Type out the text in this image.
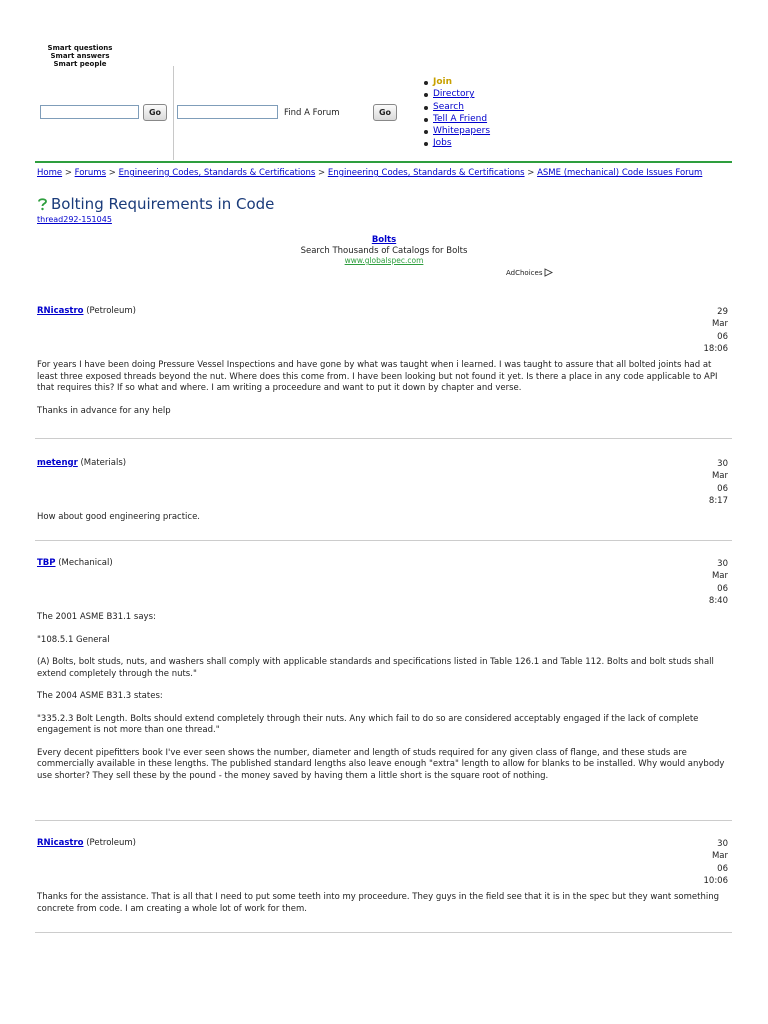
Smart questions
Smart answers
Smart people
Go	Find A Forum	Go
Join
Directory
Search
Tell A Friend
Whitepapers
Jobs
Home > Forums > Engineering Codes, Standards & Certifications > Engineering Codes, Standards & Certifications > ASME (mechanical) Code Issues Forum
Bolting Requirements in Code
thread292-151045
Bolts
Search Thousands of Catalogs for Bolts
www.globalspec.com
AdChoices
RNicastro (Petroleum)	29
Mar
06
18:06

For years I have been doing Pressure Vessel Inspections and have gone by what was taught when i learned. I was taught to assure that all bolted joints had at least three exposed threads beyond the nut. Where does this come from. I have been looking but not found it yet. Is there a place in any code applicable to API that requires this? If so what and where. I am writing a proceedure and want to put it down by chapter and verse.

Thanks in advance for any help

metengr (Materials)	30
Mar
06
8:17

How about good engineering practice.

TBP (Mechanical)	30
Mar
06
8:40

The 2001 ASME B31.1 says:

"108.5.1 General

(A) Bolts, bolt studs, nuts, and washers shall comply with applicable standards and specifications listed in Table 126.1 and Table 112. Bolts and bolt studs shall extend completely through the nuts."

The 2004 ASME B31.3 states:

"335.2.3 Bolt Length. Bolts should extend completely through their nuts. Any which fail to do so are considered acceptably engaged if the lack of complete engagement is not more than one thread."

Every decent pipefitters book I've ever seen shows the number, diameter and length of studs required for any given class of flange, and these studs are commercially available in these lengths. The published standard lengths also leave enough "extra" length to allow for blanks to be installed. Why would anybody use shorter? They sell these by the pound - the money saved by having them a little short is the square root of nothing.

RNicastro (Petroleum)	30
Mar
06
10:06

Thanks for the assistance. That is all that I need to put some teeth into my proceedure. They guys in the field see that it is in the spec but they want something concrete from code. I am creating a whole lot of work for them.
